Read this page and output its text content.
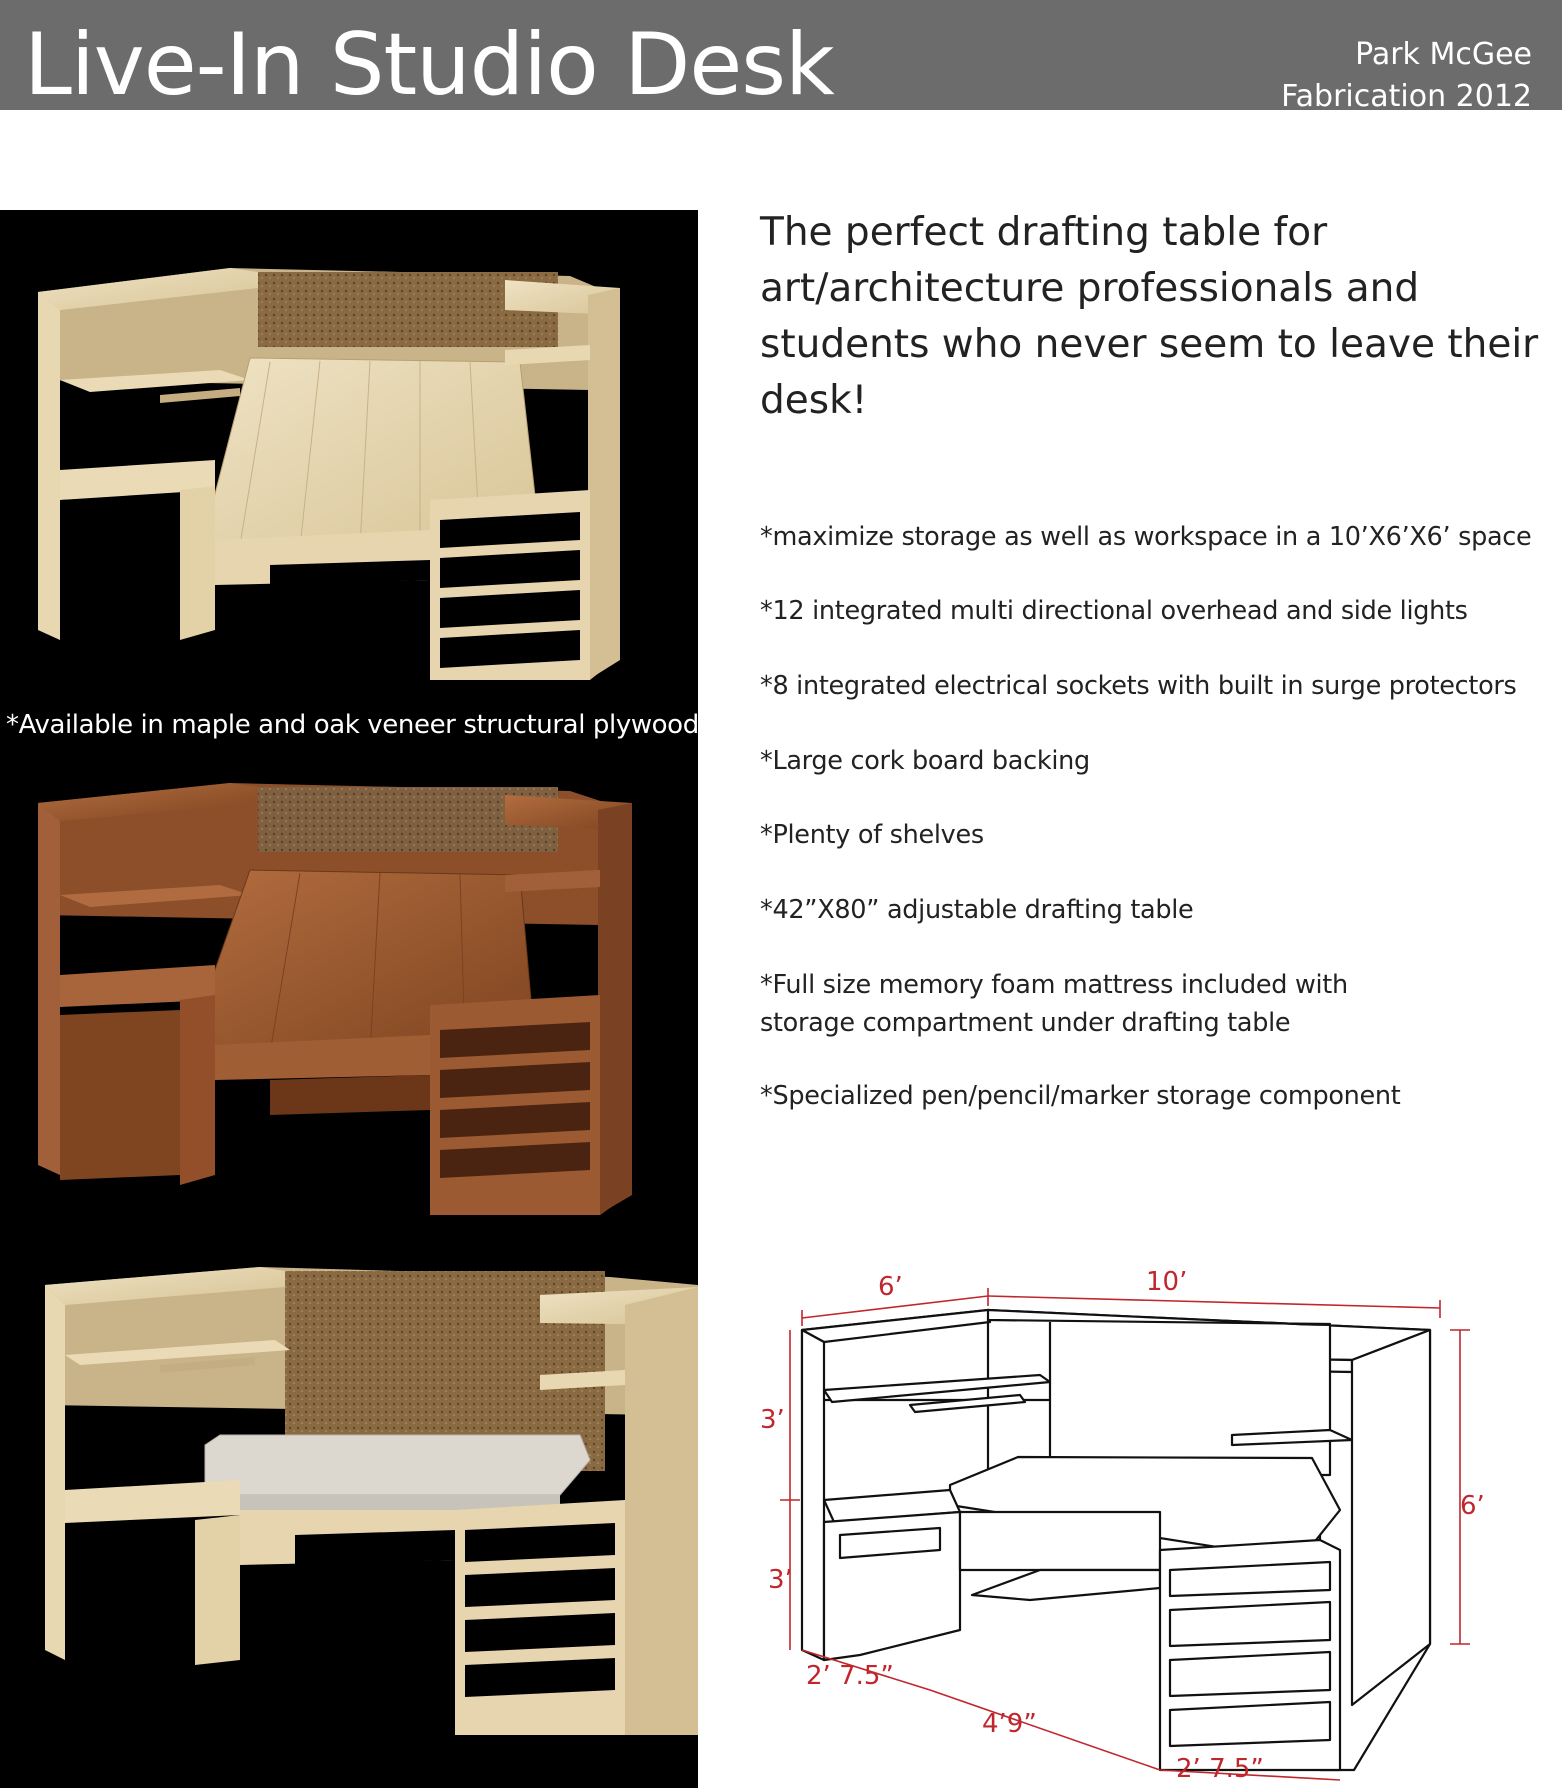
Live-In Studio Desk	Park McGee
Fabrication 2012
*Available in maple and oak veneer structural plywood
The perfect drafting table for art/architecture professionals and students who never seem to leave their desk!
*maximize storage as well as workspace in a 10’X6’X6’ space
*12 integrated multi directional overhead and side lights
*8 integrated electrical sockets with built in surge protectors
*Large cork board backing
*Plenty of shelves
*42”X80” adjustable drafting table
*Full size memory foam mattress included with
storage compartment under drafting table
*Specialized pen/pencil/marker storage component
6’	10’
3’
3’
6’
2’ 7.5”
4’9”
2’ 7.5”
